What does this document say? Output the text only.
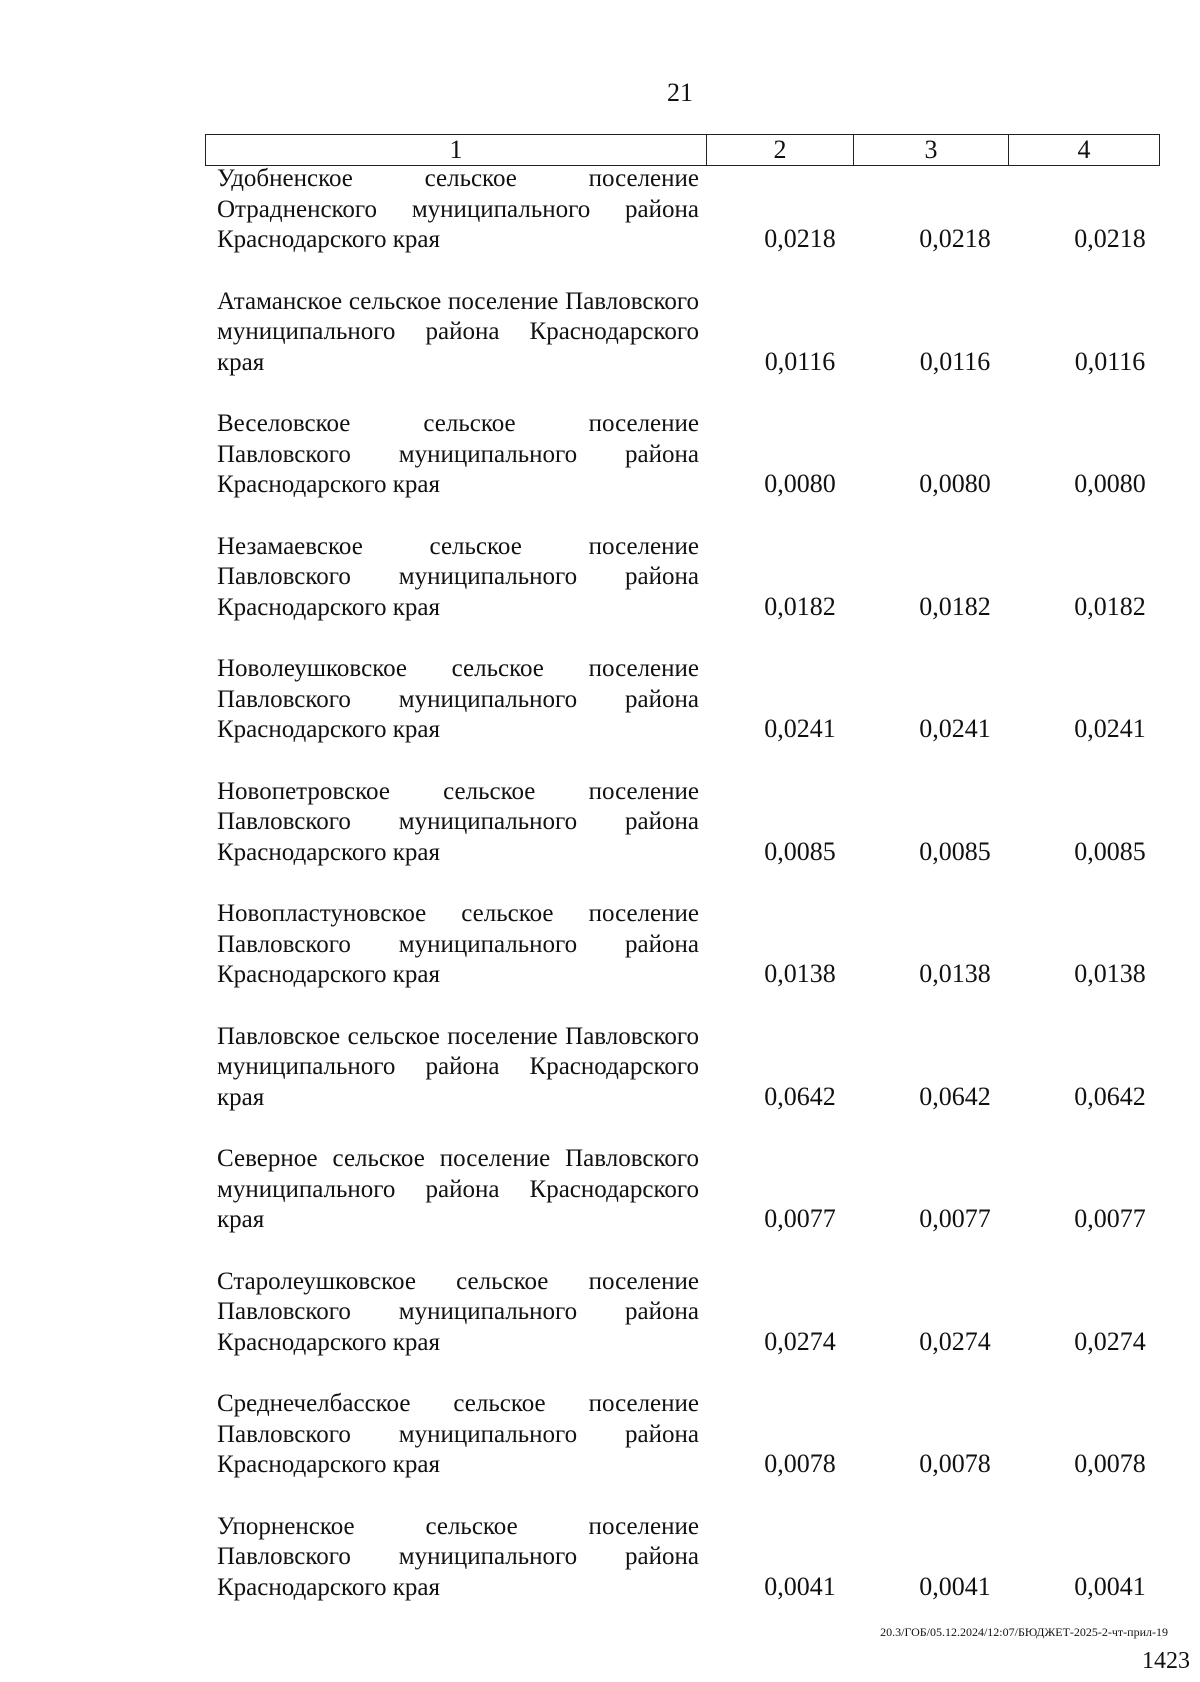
21
1	2	3	4
Удобненское сельское поселение Отрадненского муниципального района Краснодарского края	0,0218	0,0218	0,0218
Атаманское сельское поселение Павловского муниципального района Краснодарского края	0,0116	0,0116	0,0116
Веселовское сельское поселение Павловского муниципального района Краснодарского края	0,0080	0,0080	0,0080
Незамаевское сельское поселение Павловского муниципального района Краснодарского края	0,0182	0,0182	0,0182
Новолеушковское сельское поселение Павловского муниципального района Краснодарского края	0,0241	0,0241	0,0241
Новопетровское сельское поселение Павловского муниципального района Краснодарского края	0,0085	0,0085	0,0085
Новопластуновское сельское поселение Павловского муниципального района Краснодарского края	0,0138	0,0138	0,0138
Павловское сельское поселение Павловского муниципального района Краснодарского края	0,0642	0,0642	0,0642
Северное сельское поселение Павловского муниципального района Краснодарского края	0,0077	0,0077	0,0077
Старолеушковское сельское поселение Павловского муниципального района Краснодарского края	0,0274	0,0274	0,0274
Среднечелбасское сельское поселение Павловского муниципального района Краснодарского края	0,0078	0,0078	0,0078
Упорненское сельское поселение Павловского муниципального района Краснодарского края	0,0041	0,0041	0,0041
20.3/ГОБ/05.12.2024/12:07/БЮДЖЕТ-2025-2-чт-прил-19
1423
